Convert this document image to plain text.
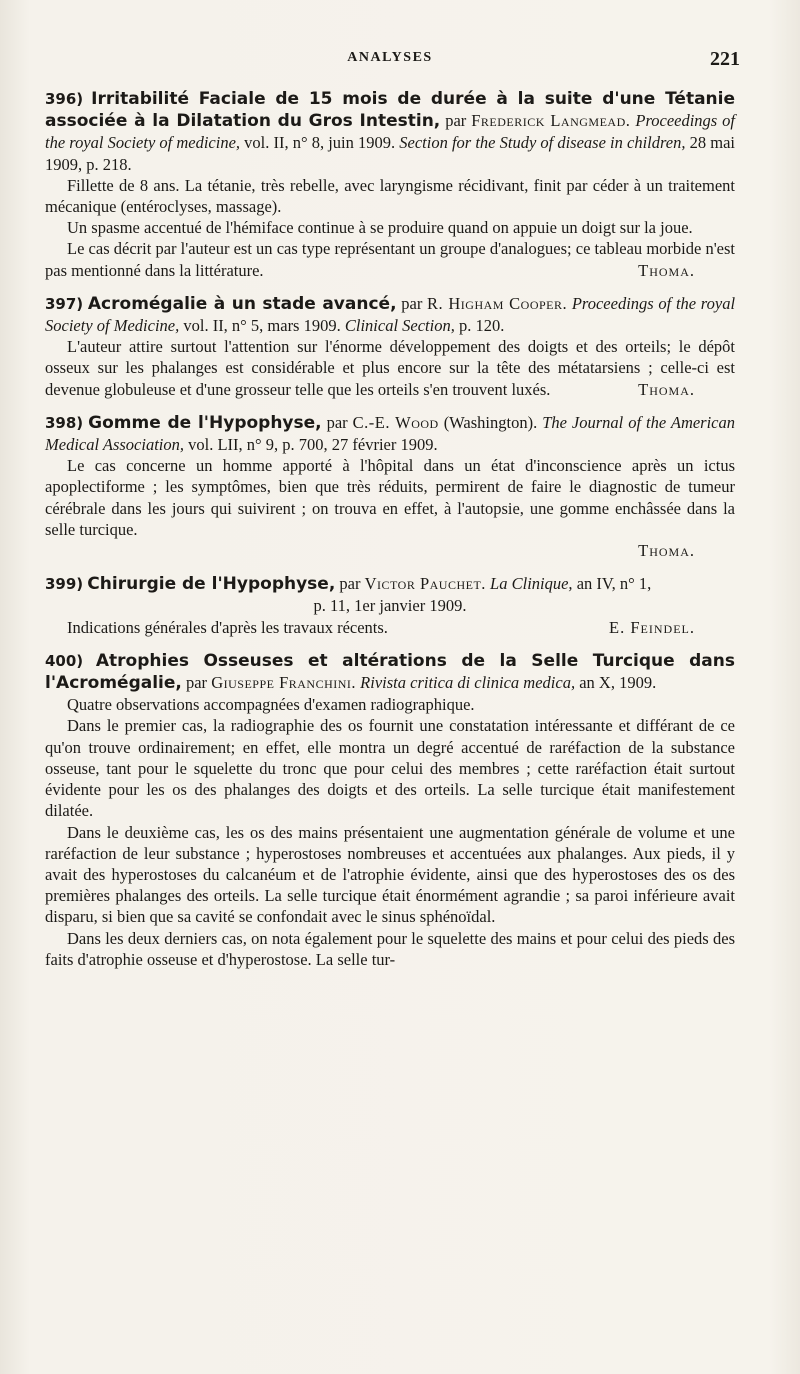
ANALYSES	221

396) Irritabilité Faciale de 15 mois de durée à la suite d'une Tétanie associée à la Dilatation du Gros Intestin, par Frederick Langmead. Proceedings of the royal Society of medicine, vol. II, n° 8, juin 1909. Section for the Study of disease in children, 28 mai 1909, p. 218.

Fillette de 8 ans. La tétanie, très rebelle, avec laryngisme récidivant, finit par céder à un traitement mécanique (entéroclyses, massage).

Un spasme accentué de l'hémiface continue à se produire quand on appuie un doigt sur la joue.

Le cas décrit par l'auteur est un cas type représentant un groupe d'analogues; ce tableau morbide n'est pas mentionné dans la littérature.	Thoma.

397) Acromégalie à un stade avancé, par R. Higham Cooper. Proceedings of the royal Society of Medicine, vol. II, n° 5, mars 1909. Clinical Section, p. 120.

L'auteur attire surtout l'attention sur l'énorme développement des doigts et des orteils; le dépôt osseux sur les phalanges est considérable et plus encore sur la tête des métatarsiens ; celle-ci est devenue globuleuse et d'une grosseur telle que les orteils s'en trouvent luxés.	Thoma.

398) Gomme de l'Hypophyse, par C.-E. Wood (Washington). The Journal of the American Medical Association, vol. LII, n° 9, p. 700, 27 février 1909.

Le cas concerne un homme apporté à l'hôpital dans un état d'inconscience après un ictus apoplectiforme ; les symptômes, bien que très réduits, permirent de faire le diagnostic de tumeur cérébrale dans les jours qui suivirent ; on trouva en effet, à l'autopsie, une gomme enchâssée dans la selle turcique.

Thoma.

399) Chirurgie de l'Hypophyse, par Victor Pauchet. La Clinique, an IV, n° 1,

p. 11, 1er janvier 1909.

Indications générales d'après les travaux récents.	E. Feindel.

400) Atrophies Osseuses et altérations de la Selle Turcique dans l'Acromégalie, par Giuseppe Franchini. Rivista critica di clinica medica, an X, 1909.

Quatre observations accompagnées d'examen radiographique.

Dans le premier cas, la radiographie des os fournit une constatation intéressante et différant de ce qu'on trouve ordinairement; en effet, elle montra un degré accentué de raréfaction de la substance osseuse, tant pour le squelette du tronc que pour celui des membres ; cette raréfaction était surtout évidente pour les os des phalanges des doigts et des orteils. La selle turcique était manifestement dilatée.

Dans le deuxième cas, les os des mains présentaient une augmentation générale de volume et une raréfaction de leur substance ; hyperostoses nombreuses et accentuées aux phalanges. Aux pieds, il y avait des hyperostoses du calcanéum et de l'atrophie évidente, ainsi que des hyperostoses des os des premières phalanges des orteils. La selle turcique était énormément agrandie ; sa paroi inférieure avait disparu, si bien que sa cavité se confondait avec le sinus sphénoïdal.

Dans les deux derniers cas, on nota également pour le squelette des mains et pour celui des pieds des faits d'atrophie osseuse et d'hyperostose. La selle tur-
